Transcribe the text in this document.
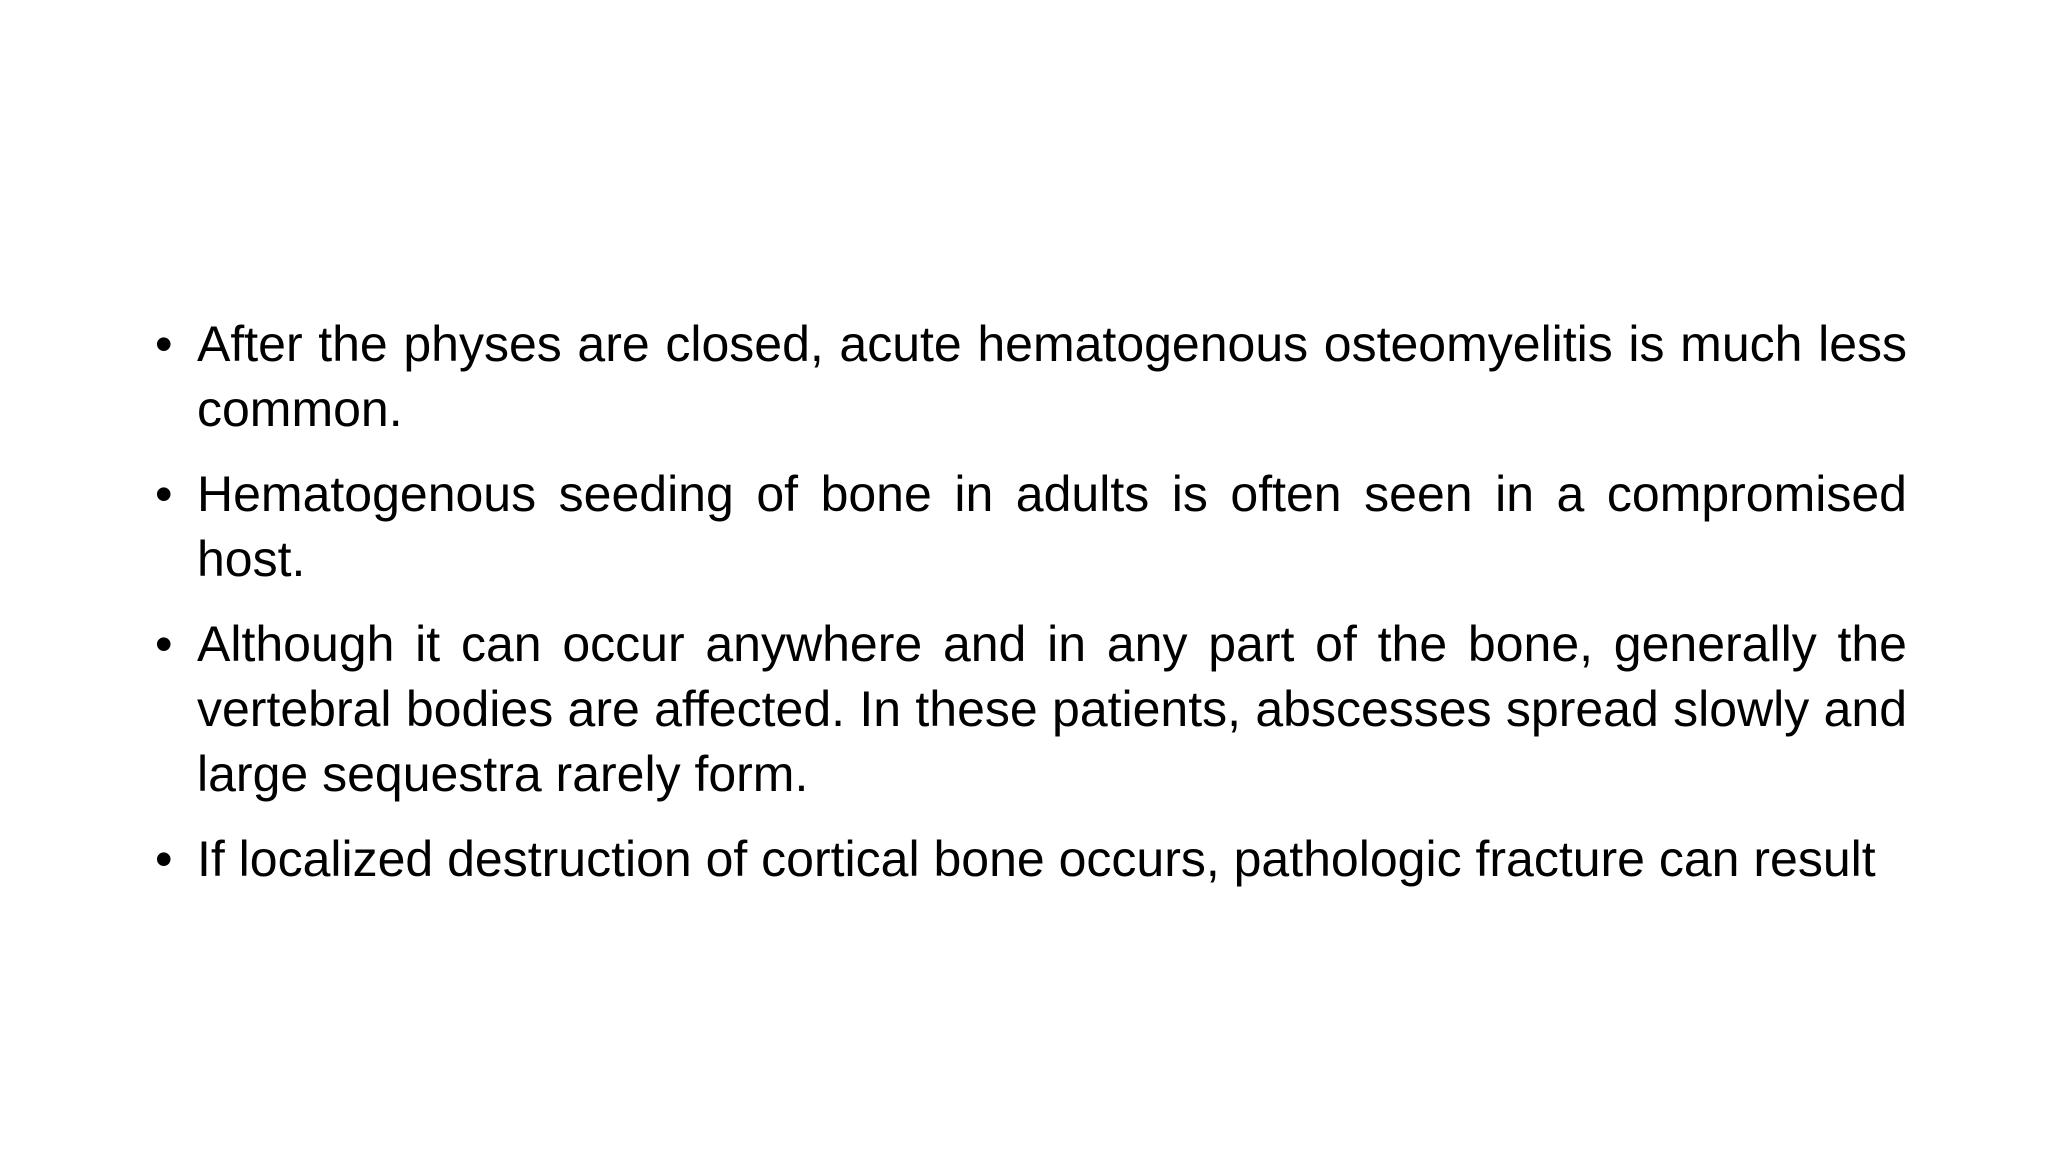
• After the physes are closed, acute hematogenous osteomyelitis is much less common.
• Hematogenous seeding of bone in adults is often seen in a compromised host.
• Although it can occur anywhere and in any part of the bone, generally the vertebral bodies are affected. In these patients, abscesses spread slowly and large sequestra rarely form.
• If localized destruction of cortical bone occurs, pathologic fracture can result
